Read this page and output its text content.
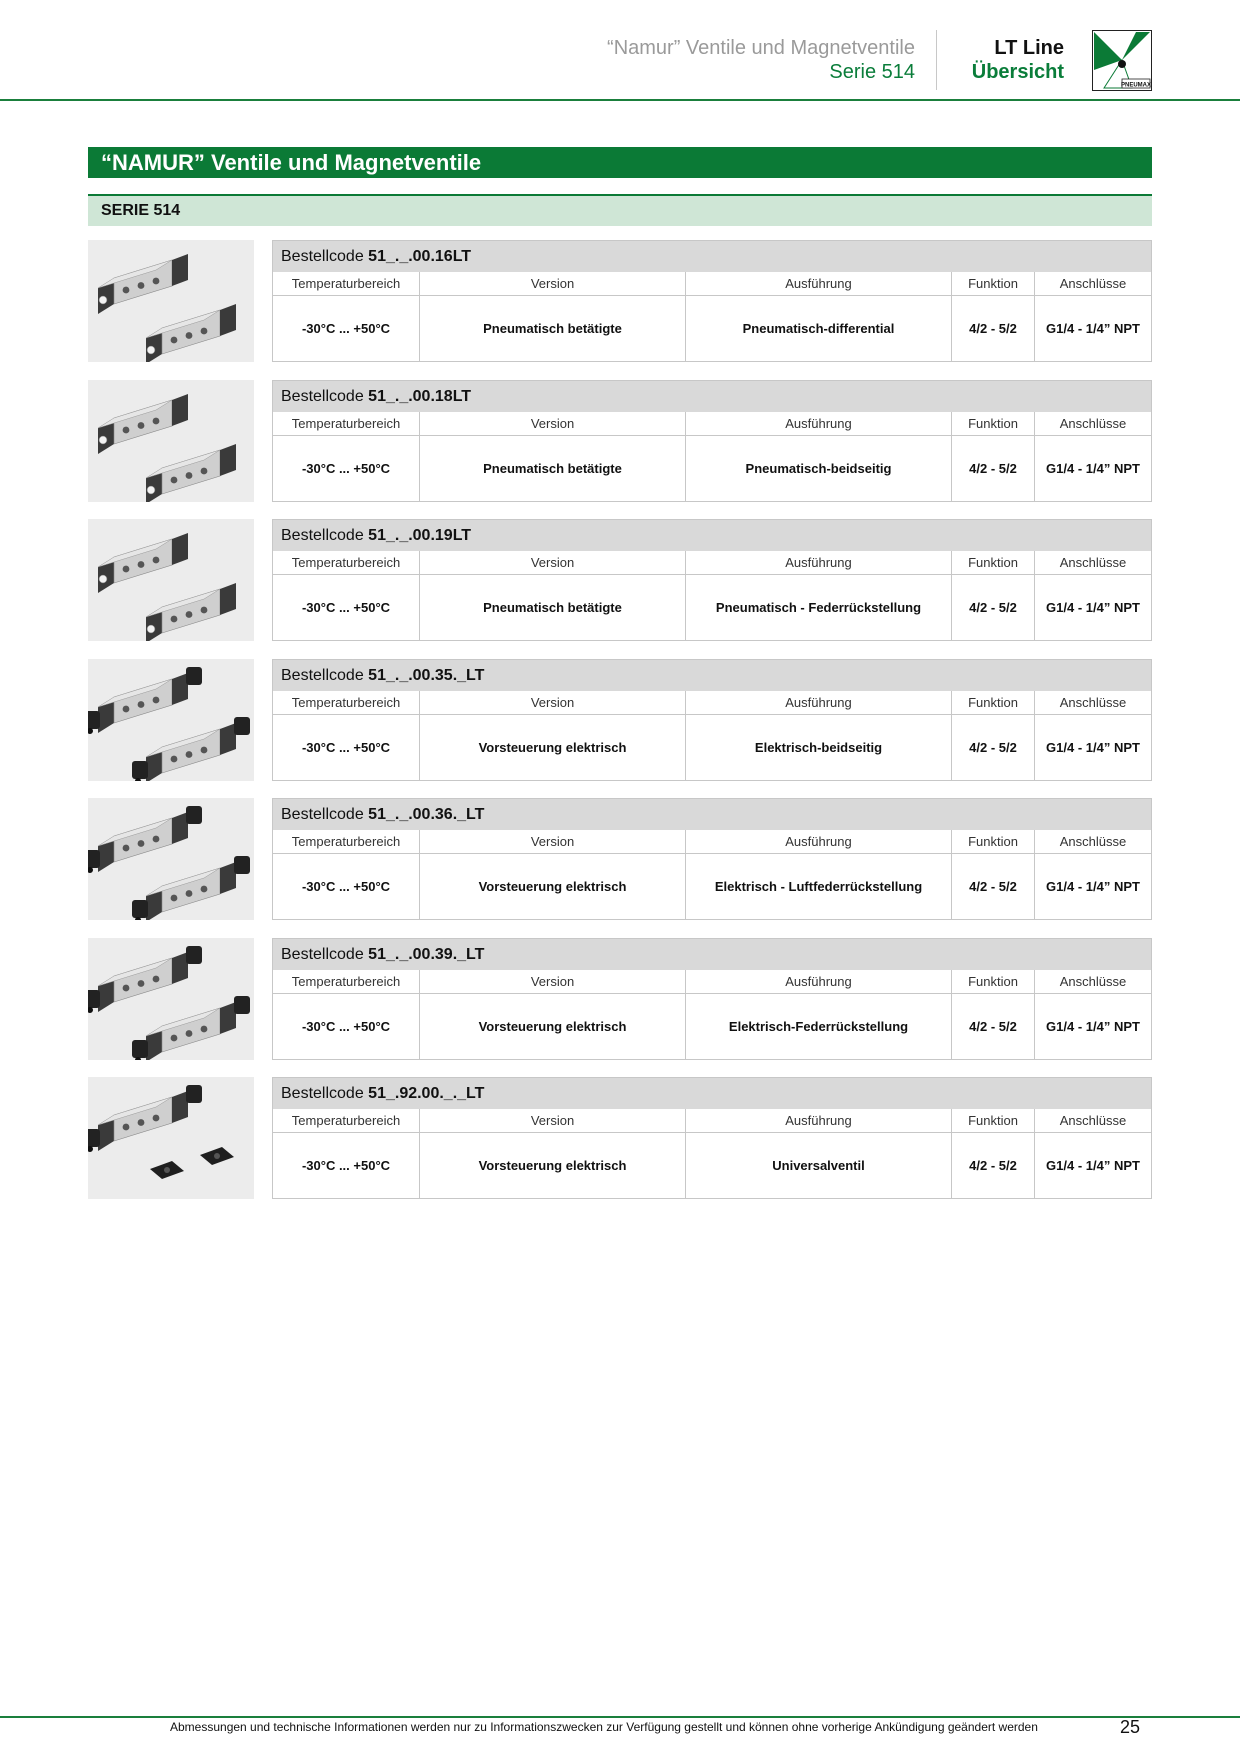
“Namur” Ventile und Magnetventile
Serie 514
LT Line
Übersicht
PNEUMAX
“NAMUR” Ventile und Magnetventile
SERIE 514
Bestellcode 51_._.00.16LT
Temperaturbereich	Version	Ausführung	Funktion	Anschlüsse
-30°C ... +50°C	Pneumatisch betätigte	Pneumatisch-differential	4/2 - 5/2	G1/4 - 1/4” NPT
Bestellcode 51_._.00.18LT
Temperaturbereich	Version	Ausführung	Funktion	Anschlüsse
-30°C ... +50°C	Pneumatisch betätigte	Pneumatisch-beidseitig	4/2 - 5/2	G1/4 - 1/4” NPT
Bestellcode 51_._.00.19LT
Temperaturbereich	Version	Ausführung	Funktion	Anschlüsse
-30°C ... +50°C	Pneumatisch betätigte	Pneumatisch - Federrückstellung	4/2 - 5/2	G1/4 - 1/4” NPT
Bestellcode 51_._.00.35._LT
Temperaturbereich	Version	Ausführung	Funktion	Anschlüsse
-30°C ... +50°C	Vorsteuerung elektrisch	Elektrisch-beidseitig	4/2 - 5/2	G1/4 - 1/4” NPT
Bestellcode 51_._.00.36._LT
Temperaturbereich	Version	Ausführung	Funktion	Anschlüsse
-30°C ... +50°C	Vorsteuerung elektrisch	Elektrisch - Luftfederrückstellung	4/2 - 5/2	G1/4 - 1/4” NPT
Bestellcode 51_._.00.39._LT
Temperaturbereich	Version	Ausführung	Funktion	Anschlüsse
-30°C ... +50°C	Vorsteuerung elektrisch	Elektrisch-Federrückstellung	4/2 - 5/2	G1/4 - 1/4” NPT
Bestellcode 51_.92.00._._LT
Temperaturbereich	Version	Ausführung	Funktion	Anschlüsse
-30°C ... +50°C	Vorsteuerung elektrisch	Universalventil	4/2 - 5/2	G1/4 - 1/4” NPT
Abmessungen und technische Informationen werden nur zu Informationszwecken zur Verfügung gestellt und können ohne vorherige Ankündigung geändert werden	25
